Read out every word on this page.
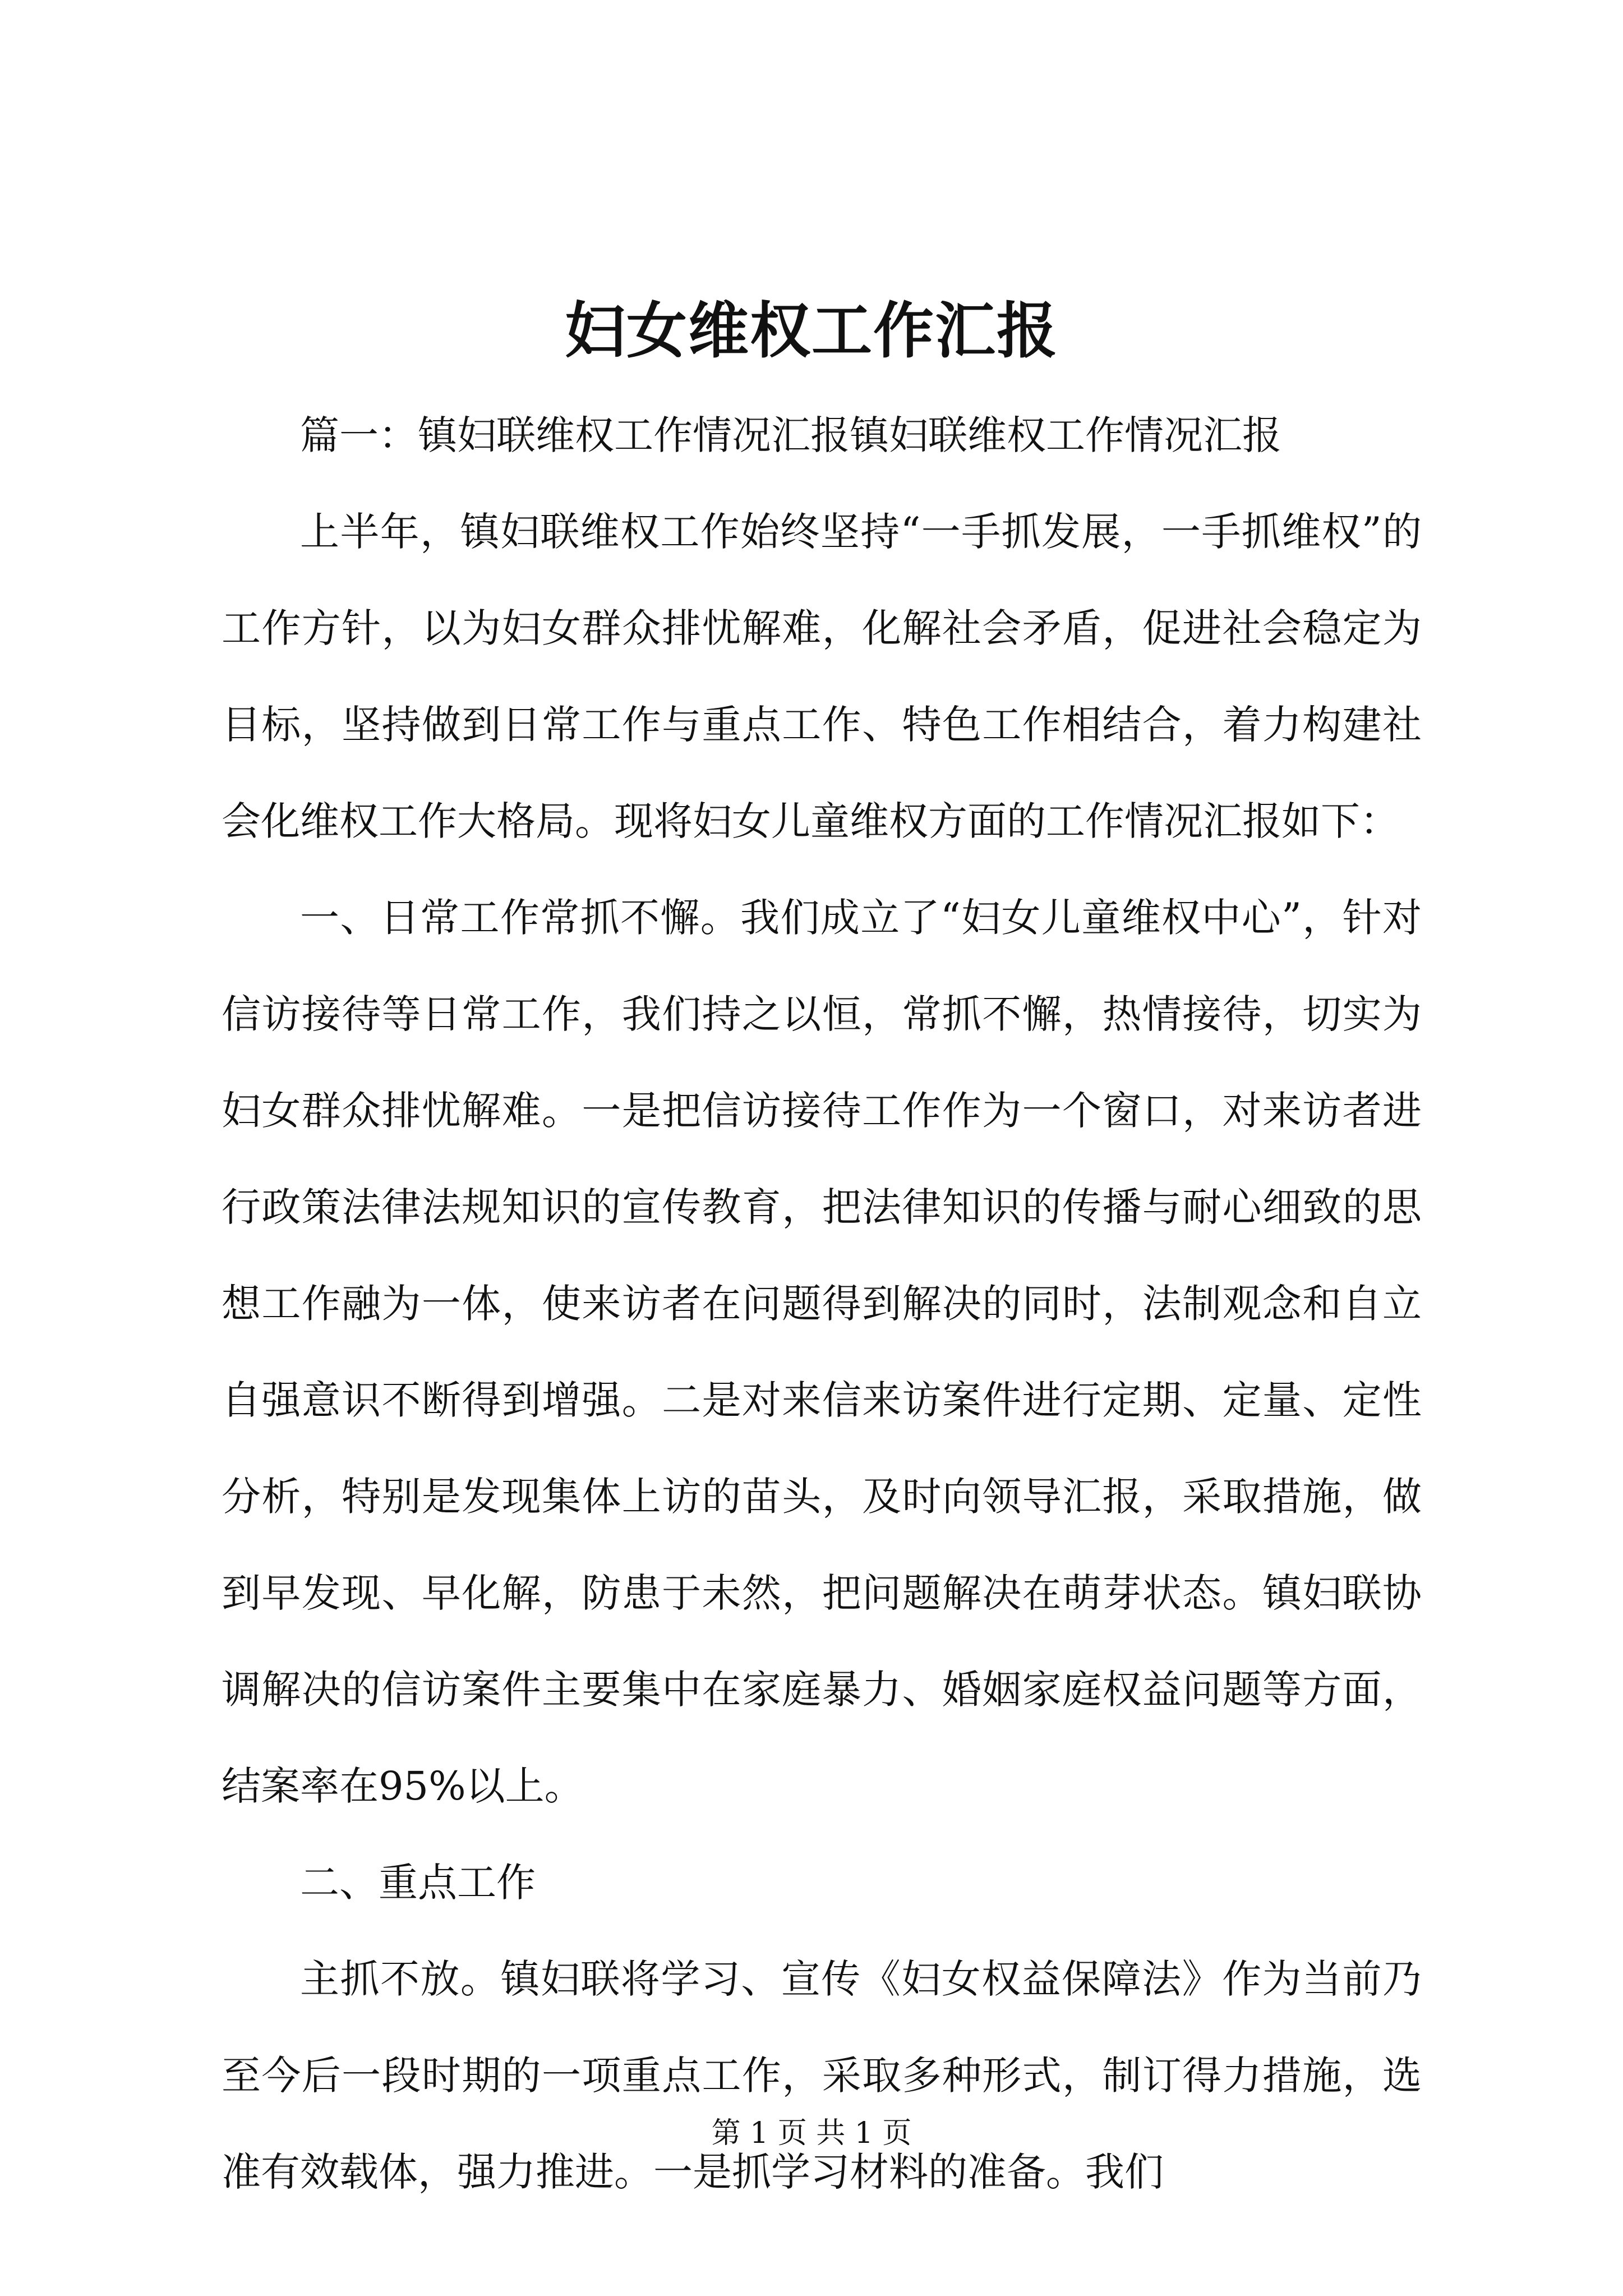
妇女维权工作汇报

篇一：镇妇联维权工作情况汇报镇妇联维权工作情况汇报

上半年，镇妇联维权工作始终坚持“一手抓发展，一手抓维权”的工作方针，以为妇女群众排忧解难，化解社会矛盾，促进社会稳定为目标，坚持做到日常工作与重点工作、特色工作相结合，着力构建社会化维权工作大格局。现将妇女儿童维权方面的工作情况汇报如下：

一、日常工作常抓不懈。我们成立了“妇女儿童维权中心”，针对信访接待等日常工作，我们持之以恒，常抓不懈，热情接待，切实为妇女群众排忧解难。一是把信访接待工作作为一个窗口，对来访者进行政策法律法规知识的宣传教育，把法律知识的传播与耐心细致的思想工作融为一体，使来访者在问题得到解决的同时，法制观念和自立自强意识不断得到增强。二是对来信来访案件进行定期、定量、定性分析，特别是发现集体上访的苗头，及时向领导汇报，采取措施，做到早发现、早化解，防患于未然，把问题解决在萌芽状态。镇妇联协调解决的信访案件主要集中在家庭暴力、婚姻家庭权益问题等方面，结案率在95%以上。

二、重点工作

主抓不放。镇妇联将学习、宣传《妇女权益保障法》作为当前乃至今后一段时期的一项重点工作，采取多种形式，制订得力措施，选准有效载体，强力推进。一是抓学习材料的准备。我们

第 1 页 共 1 页
